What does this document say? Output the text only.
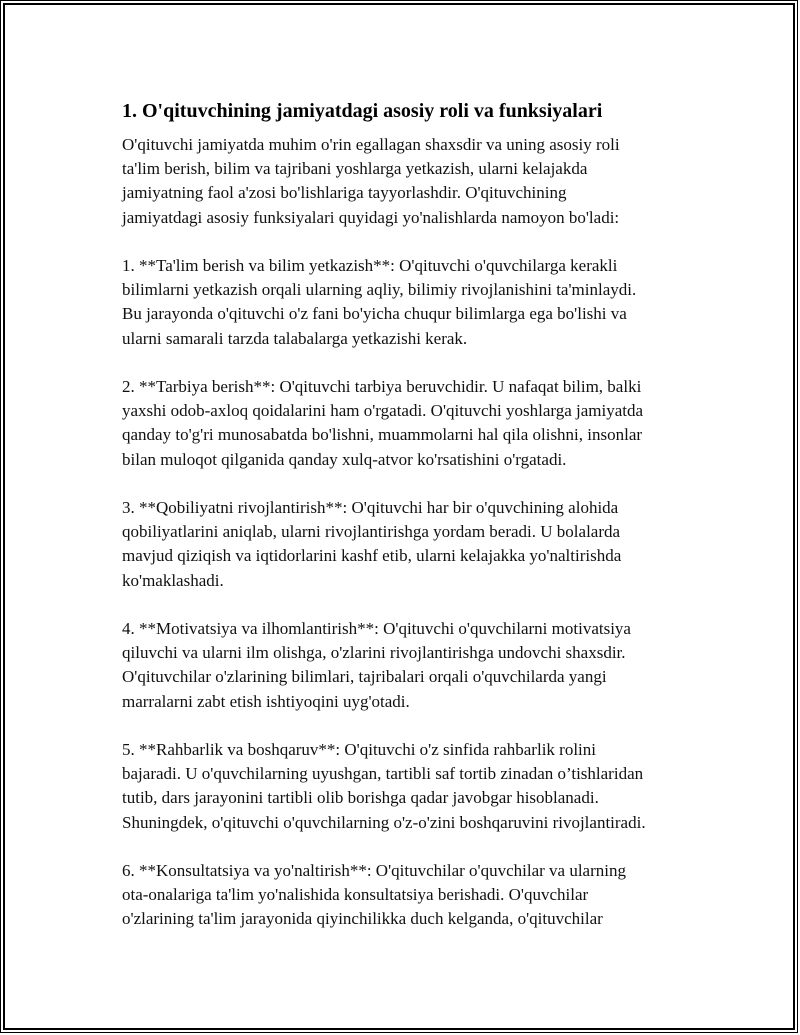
1. O'qituvchining jamiyatdagi asosiy roli va funksiyalari

O'qituvchi jamiyatda muhim o'rin egallagan shaxsdir va uning asosiy roli
ta'lim berish, bilim va tajribani yoshlarga yetkazish, ularni kelajakda
jamiyatning faol a'zosi bo'lishlariga tayyorlashdir. O'qituvchining
jamiyatdagi asosiy funksiyalari quyidagi yo'nalishlarda namoyon bo'ladi:

1. **Ta'lim berish va bilim yetkazish**: O'qituvchi o'quvchilarga kerakli
bilimlarni yetkazish orqali ularning aqliy, bilimiy rivojlanishini ta'minlaydi.
Bu jarayonda o'qituvchi o'z fani bo'yicha chuqur bilimlarga ega bo'lishi va
ularni samarali tarzda talabalarga yetkazishi kerak.

2. **Tarbiya berish**: O'qituvchi tarbiya beruvchidir. U nafaqat bilim, balki
yaxshi odob-axloq qoidalarini ham o'rgatadi. O'qituvchi yoshlarga jamiyatda
qanday to'g'ri munosabatda bo'lishni, muammolarni hal qila olishni, insonlar
bilan muloqot qilganida qanday xulq-atvor ko'rsatishini o'rgatadi.

3. **Qobiliyatni rivojlantirish**: O'qituvchi har bir o'quvchining alohida
qobiliyatlarini aniqlab, ularni rivojlantirishga yordam beradi. U bolalarda
mavjud qiziqish va iqtidorlarini kashf etib, ularni kelajakka yo'naltirishda
ko'maklashadi.

4. **Motivatsiya va ilhomlantirish**: O'qituvchi o'quvchilarni motivatsiya
qiluvchi va ularni ilm olishga, o'zlarini rivojlantirishga undovchi shaxsdir.
O'qituvchilar o'zlarining bilimlari, tajribalari orqali o'quvchilarda yangi
marralarni zabt etish ishtiyoqini uyg'otadi.

5. **Rahbarlik va boshqaruv**: O'qituvchi o'z sinfida rahbarlik rolini
bajaradi. U o'quvchilarning uyushgan, tartibli saf tortib zinadan o’tishlaridan
tutib, dars jarayonini tartibli olib borishga qadar javobgar hisoblanadi.
Shuningdek, o'qituvchi o'quvchilarning o'z-o'zini boshqaruvini rivojlantiradi.

6. **Konsultatsiya va yo'naltirish**: O'qituvchilar o'quvchilar va ularning
ota-onalariga ta'lim yo'nalishida konsultatsiya berishadi. O'quvchilar
o'zlarining ta'lim jarayonida qiyinchilikka duch kelganda, o'qituvchilar
